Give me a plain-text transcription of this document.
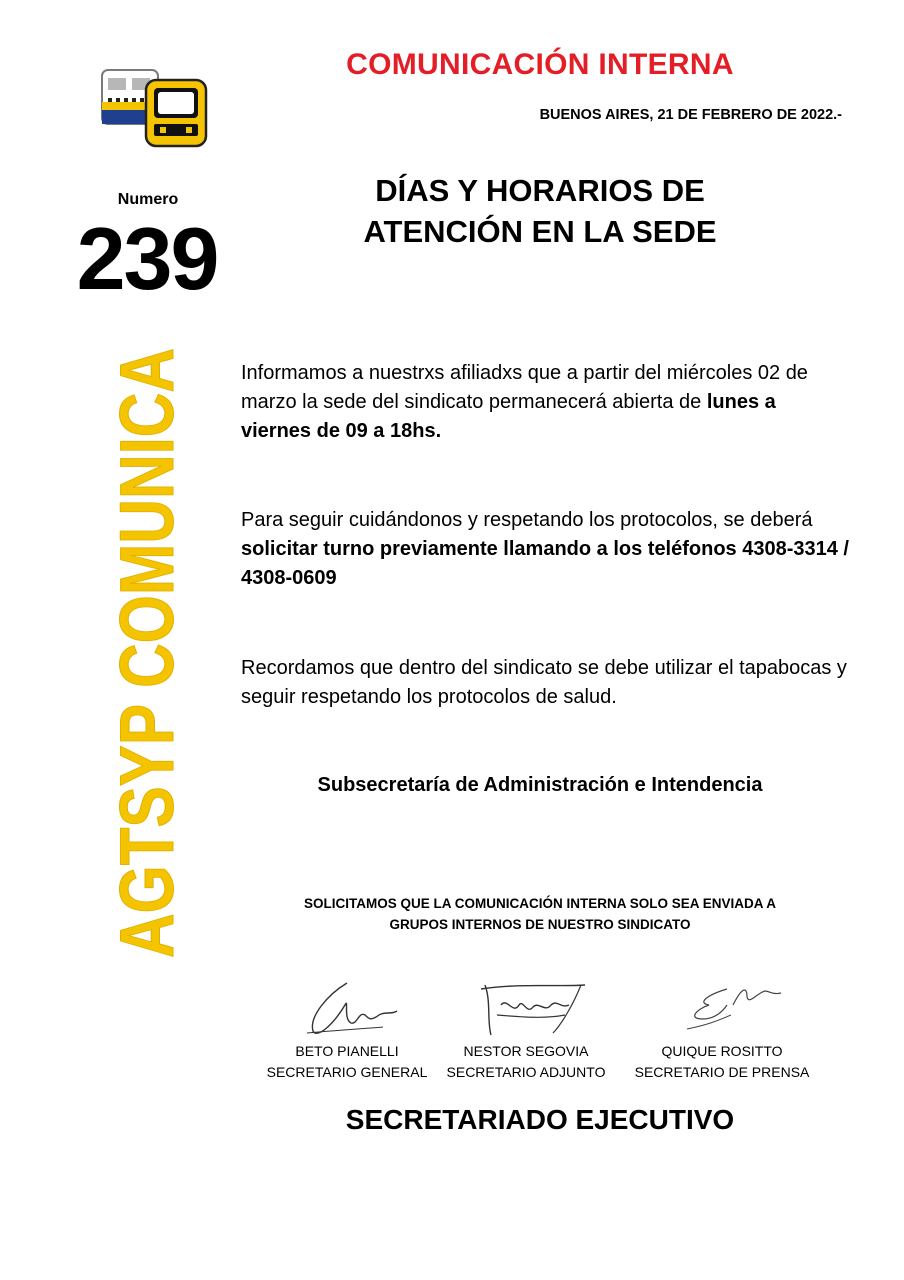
COMUNICACIÓN INTERNA
BUENOS AIRES, 21 DE FEBRERO DE 2022.-
Numero
239
DÍAS Y HORARIOS DE
ATENCIÓN EN LA SEDE
AGTSYP COMUN	Informamos a nuestrxs afiliadxs que a partir del miércoles 02 de marzo la sede del sindicato permanecerá abierta de lunes a viernes de 09 a 18hs.
Para seguir cuidándonos y respetando los protocolos, se deberá solicitar turno previamente llamando a los teléfonos 4308-3314 / 4308-0609
Recordamos que dentro del sindicato se debe utilizar el tapabocas y seguir respetando los protocolos de salud.
Subsecretaría de Administración e Intendencia
SOLICITAMOS QUE LA COMUNICACIÓN INTERNA SOLO SEA ENVIADA A
GRUPOS INTERNOS DE NUESTRO SINDICATO
BETO PIANELLI
SECRETARIO GENERAL
NESTOR SEGOVIA
SECRETARIO ADJUNTO
QUIQUE ROSITTO
SECRETARIO DE PRENSA
SECRETARIADO EJECUTIVO
